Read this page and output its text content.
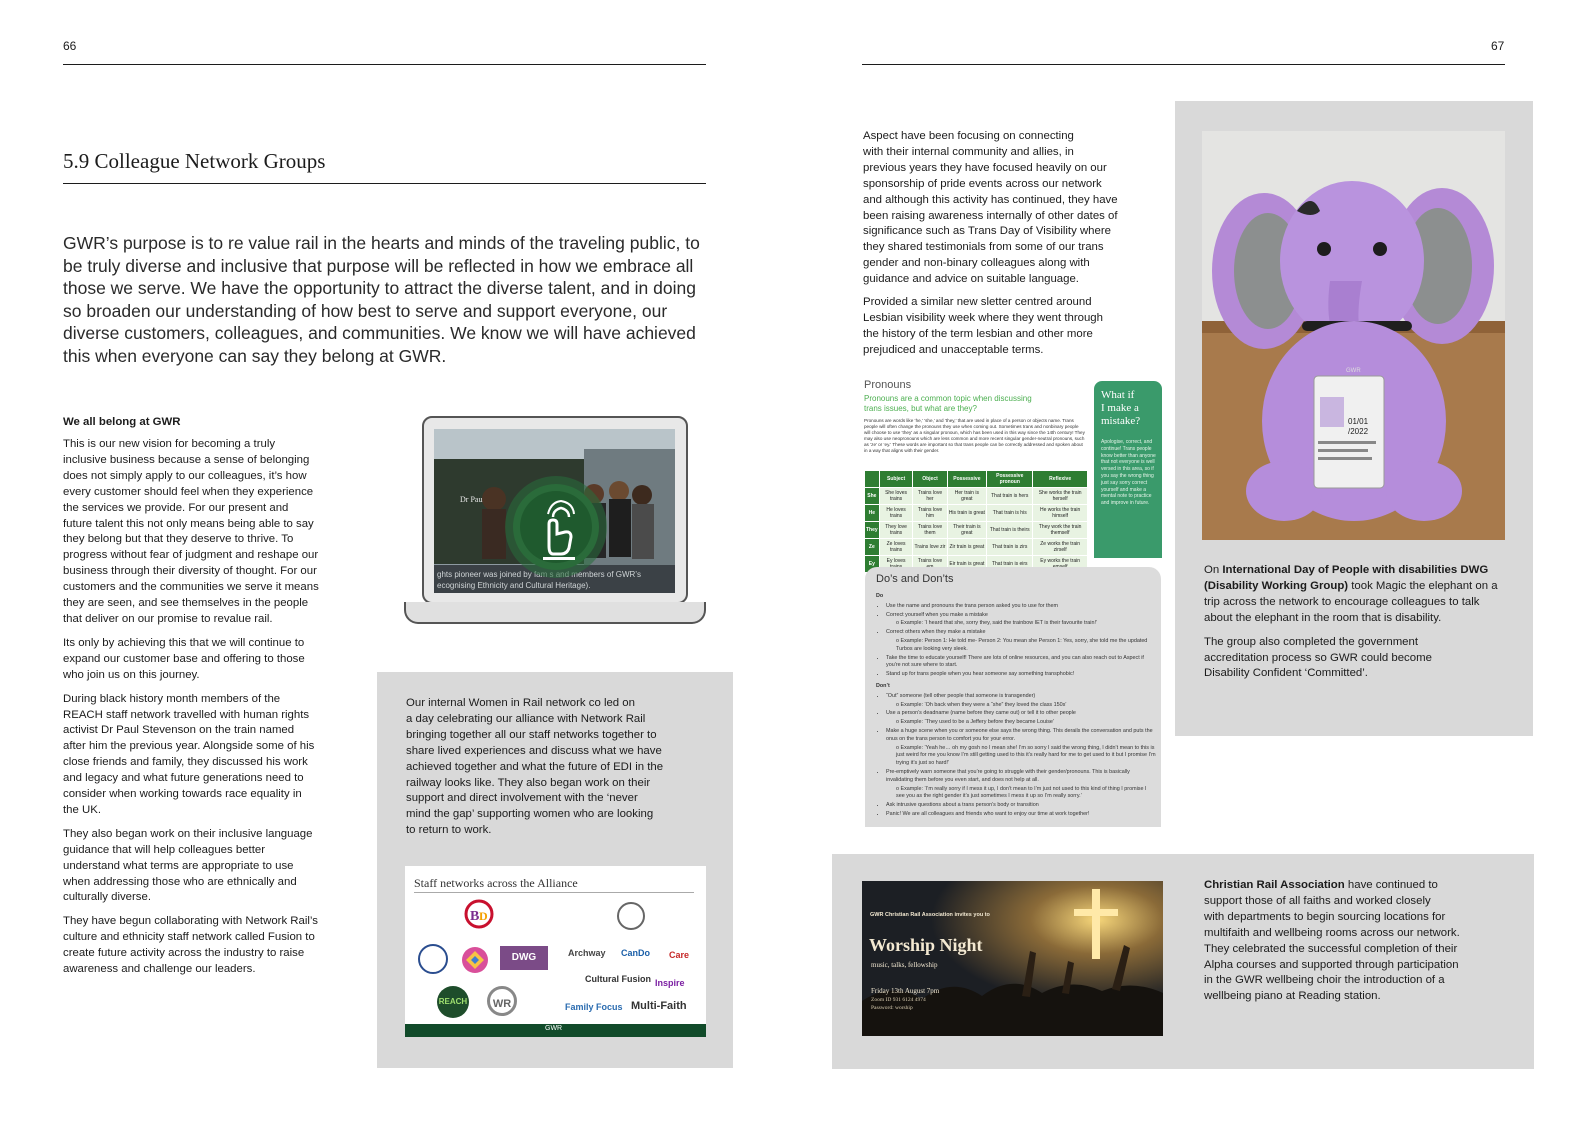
66
5.9 Colleague Network Groups
GWR’s purpose is to re value rail in the hearts and minds of the traveling public, to be truly diverse and inclusive that purpose will be reflected in how we embrace all those we serve. We have the opportunity to attract the diverse talent, and in doing so broaden our understanding of how best to serve and support everyone, our diverse customers, colleagues, and communities. We know we will have achieved this when everyone can say they belong at GWR.
We all belong at GWR

This is our new vision for becoming a truly
inclusive business because a sense of belonging
does not simply apply to our colleagues, it’s how
every customer should feel when they experience
the services we provide. For our present and
future talent this not only means being able to say
they belong but that they deserve to thrive. To
progress without fear of judgment and reshape our
business through their diversity of thought. For our
customers and the communities we serve it means
they are seen, and see themselves in the people
that deliver on our promise to revalue rail.

Its only by achieving this that we will continue to
expand our customer base and offering to those
who join us on this journey.

During black history month members of the
REACH staff network travelled with human rights
activist Dr Paul Stevenson on the train named
after him the previous year. Alongside some of his
close friends and family, they discussed his work
and legacy and what future generations need to
consider when working towards race equality in
the UK.

They also began work on their inclusive language
guidance that will help colleagues better
understand what terms are appropriate to use
when addressing those who are ethnically and
culturally diverse.

They have begun collaborating with Network Rail’s
culture and ethnicity staff network called Fusion to
create future activity across the industry to raise
awareness and challenge our leaders.

Dr Pau
ghts pioneer was joined by fam s and members of GWR’s
ecognising Ethnicity and Cultural Heritage).
Our internal Women in Rail network co led on
a day celebrating our alliance with Network Rail
bringing together all our staff networks together to
share lived experiences and discuss what we have
achieved together and what the future of EDI in the
railway looks like. They also began work on their
support and direct involvement with the ‘never
mind the gap’ supporting women who are looking
to return to work.
Staff networks across the Alliance
B D
DWG	Archway CanDo Care
Cultural Fusion Inspire
REACH	WR	Family Focus Multi-Faith
GWR
67
Aspect have been focusing on connecting
with their internal community and allies, in
previous years they have focused heavily on our
sponsorship of pride events across our network
and although this activity has continued, they have
been raising awareness internally of other dates of
significance such as Trans Day of Visibility where
they shared testimonials from some of our trans
gender and non-binary colleagues along with
guidance and advice on suitable language.
Provided a similar new sletter centred around
Lesbian visibility week where they went through
the history of the term lesbian and other more
prejudiced and unacceptable terms.
Pronouns
Pronouns are a common topic when discussing trans issues, but what are they?
Pronouns are words like ‘he,’ ‘she,’ and ‘they,’ that are used in place of a person or objects name. Trans people will often change the pronouns they use when coming out. Sometimes trans and nonbinary people will choose to use ‘they’ as a singular pronoun, which has been used in this way since the 14th century! They may also use neopronouns which are less common and more recent singular gender-neutral pronouns, such as ‘ze’ or ‘ey.’ These words are important so that trans people can be correctly addressed and spoken about in a way that aligns with their gender.
	Subject	Object	Possessive	Possessive pronoun	Reflexive
She	She loves trains	Trains love her	Her train is great	That train is hers	She works the train herself
He	He loves trains	Trains love him	His train is great	That train is his	He works the train himself
They	They love trains	Trains love them	Their train is great	That train is theirs	They work the train themself
Ze	Ze loves trains	Trains love zir	Zir train is great	That train is zirs	Ze works the train zirself
Ey	Ey loves	Trains love	Eir train is great	That train is eirs	Ey works the train
What if
I make a
mistake?
Apologise, correct, and continue! Trans people know better than anyone that not everyone is well versed in this area, so if you say the wrong thing just say sorry correct yourself and make a mental note to practice and improve in future.
Do’s and Don’ts
Do
• Use the name and pronouns the trans person asked you to use for them
• Correct yourself when you make a mistake
o Example: ‘I heard that she, sorry they, said the trainbow IET is their favourite train!’
• Correct others when they make a mistake
o Example: Person 1: He told me- Person 2: You mean she Person 1: Yes, sorry, she told me the updated Turbos are looking very sleek.
• Take the time to educate yourself! There are lots of online resources, and you can also reach out to Aspect if you’re not sure where to start.
• Stand up for trans people when you hear someone say something transphobic!
Don’t
• “Out” someone (tell other people that someone is transgender)
o Example: ‘Oh back when they were a “she” they loved the class 150s’
• Use a person’s deadname (name before they came out) or tell it to other people
o Example: ‘They used to be a Jeffery before they became Louise’
• Make a huge scene when you or someone else says the wrong thing. This derails the conversation and puts the onus on the trans person to comfort you for your error.
o Example: ‘Yeah he… oh my gosh no I mean she! I’m so sorry I said the wrong thing, I didn’t mean to this is just weird for me you know I’m still getting used to this it’s really hard for me to get used to it but I promise I’m trying it’s just so hard!’
• Pre-emptively warn someone that you’re going to struggle with their gender/pronouns. This is basically invalidating them before you even start, and does not help at all.
o Example: ‘I’m really sorry if I mess it up, I don’t mean to I’m just not used to this kind of thing I promise I see you as the right gender it’s just sometimes I mess it up so I’m really sorry.’
• Ask intrusive questions about a trans person’s body or transition
• Panic! We are all colleagues and friends who want to enjoy our time at work together!
GWR
01/01
/2022

On International Day of People with disabilities DWG (Disability Working Group) took Magic the elephant on a trip across the network to encourage colleagues to talk about the elephant in the room that is disability.

The group also completed the government
accreditation process so GWR could become
Disability Confident ‘Committed’.

GWR Christian Rail Association invites you to
Worship Night
music, talks, fellowship
Friday 13th August 7pm
Zoom ID 931 6124 4974
Password: worship
Christian Rail Association have continued to
support those of all faiths and worked closely
with departments to begin sourcing locations for
multifaith and wellbeing rooms across our network.
They celebrated the successful completion of their
Alpha courses and supported through participation
in the GWR wellbeing choir the introduction of a
wellbeing piano at Reading station.
